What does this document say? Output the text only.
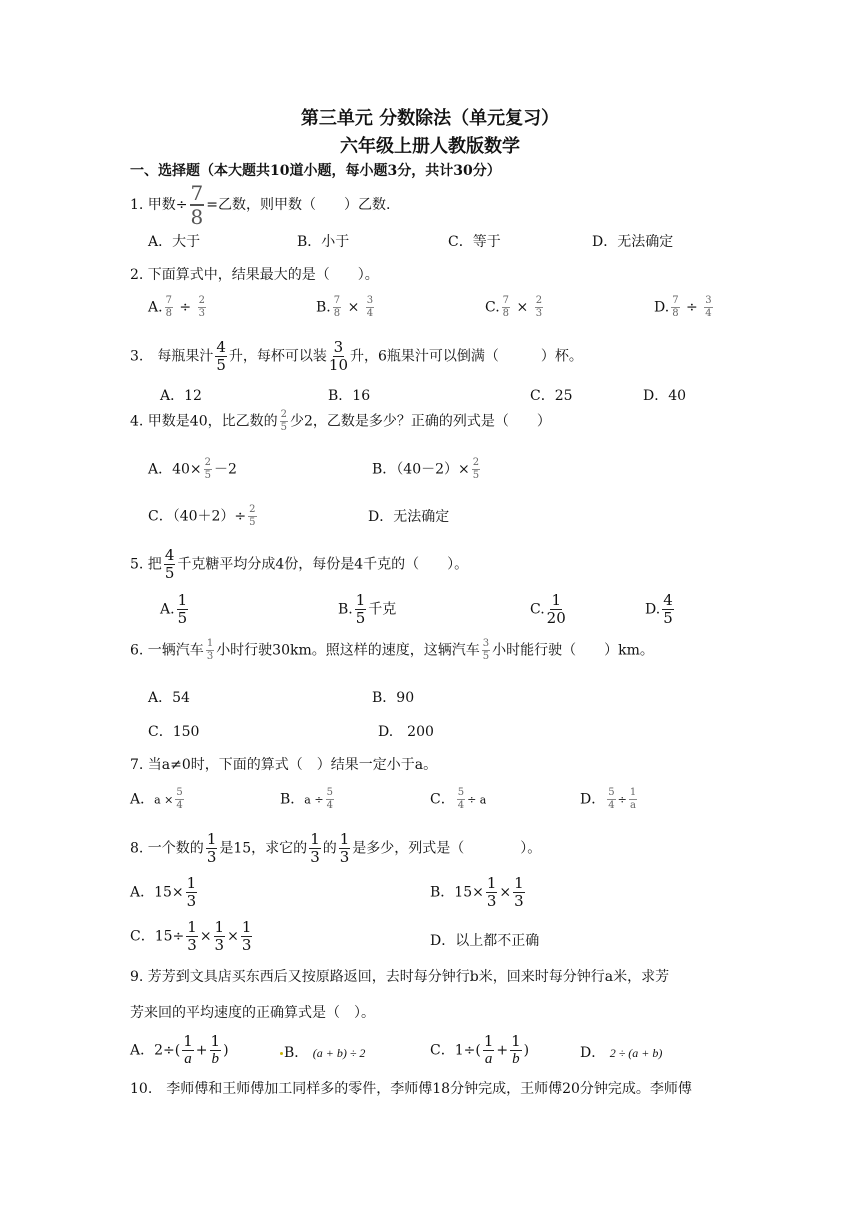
第三单元 分数除法（单元复习）
六年级上册人教版数学
一、选择题（本大题共10道小题，每小题3分，共计30分）
1. 甲数÷ $\frac{7}{8}$ =乙数，则甲数（　　）乙数.
A．大于	B．小于	C．等于	D．无法确定
2. 下面算式中，结果最大的是（　　）。
A. $\frac{7}{8} \div \frac{2}{3}$	B. $\frac{7}{8} \times \frac{3}{4}$	C. $\frac{7}{8} \times \frac{2}{3}$	D. $\frac{7}{8} \div \frac{3}{4}$
3.　每瓶果汁 $\frac{4}{5}$ 升，每杯可以装 $\frac{3}{10}$ 升，6瓶果汁可以倒满（　　　）杯。
A．12	B．16	C．25	D．40
4. 甲数是40，比乙数的 $\frac{2}{5}$ 少2，乙数是多少？正确的列式是（　　）
A．$40\times \frac{2}{5} -2$	B．$(40-2)\times \frac{2}{5}$
C．$(40+2)\div \frac{2}{5}$	D．无法确定
5. 把 $\frac{4}{5}$ 千克糖平均分成4份，每份是4千克的（　　）。
A. $\frac{1}{5}$	B. $\frac{1}{5}$ 千克	C. $\frac{1}{20}$	D. $\frac{4}{5}$
6. 一辆汽车 $\frac{1}{3}$ 小时行驶30km。照这样的速度，这辆汽车 $\frac{3}{5}$ 小时能行驶（　　）km。
A．54	B．90
C．150	D.　200
7. 当a≠0时，下面的算式（　）结果一定小于a。
A．$a \times \frac{5}{4}$	B．$a \div \frac{5}{4}$	C． $\frac{5}{4} \div a$	D． $\frac{5}{4} \div \frac{1}{a}$
8. 一个数的 $\frac{1}{3}$ 是15，求它的 $\frac{1}{3}$ 的 $\frac{1}{3}$ 是多少，列式是（　　　　）。
A．$15\times \frac{1}{3}$	B．$15\times \frac{1}{3} \times \frac{1}{3}$
C．$15\div \frac{1}{3} \times \frac{1}{3} \times \frac{1}{3}$	D．以上都不正确
9. 芳芳到文具店买东西后又按原路返回，去时每分钟行b米，回来时每分钟行a米，求芳
芳来回的平均速度的正确算式是（　）。
A．$2\div( \frac{1}{a} + \frac{1}{b}$ )	B． (a + b) ÷ 2	C．$1\div( \frac{1}{a} + \frac{1}{b}$ )	D． 2 ÷ (a + b)
10.　李师傅和王师傅加工同样多的零件，李师傅18分钟完成，王师傅20分钟完成。李师傅
